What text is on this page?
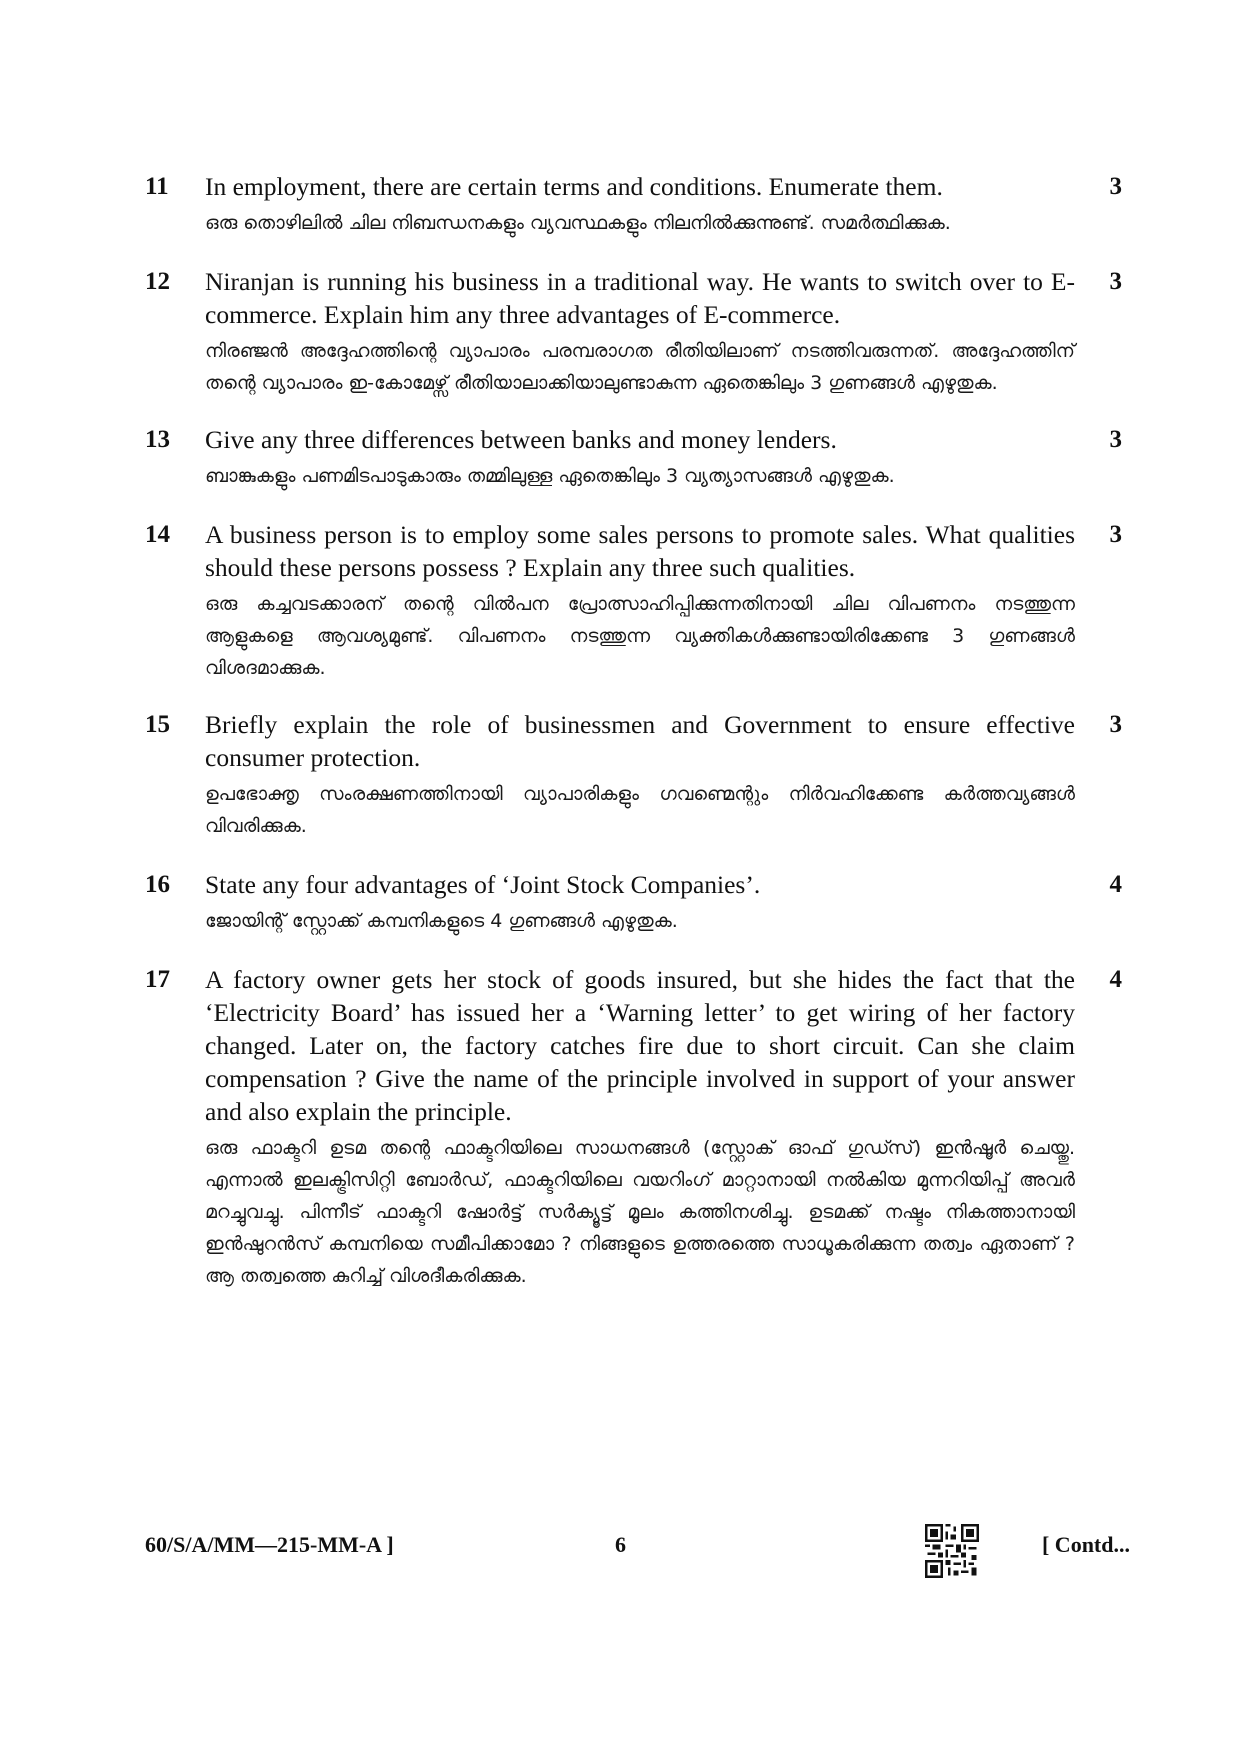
11	3
In employment, there are certain terms and conditions. Enumerate them.
ഒരു തൊഴിലിൽ ചില നിബന്ധനകളും വ്യവസ്ഥകളും നിലനിൽക്കുന്നുണ്ട്. സമർത്ഥിക്കുക.
12	3
Niranjan is running his business in a traditional way. He wants to switch over to E-commerce. Explain him any three advantages of E-commerce.
നിരഞ്ജൻ അദ്ദേഹത്തിന്റെ വ്യാപാരം പരമ്പരാഗത രീതിയിലാണ് നടത്തിവരുന്നത്. അദ്ദേഹത്തിന് തന്റെ വ്യാപാരം ഇ-കോമേഴ്സ് രീതിയാലാക്കിയാലുണ്ടാകുന്ന ഏതെങ്കിലും 3 ഗുണങ്ങൾ എഴുതുക.
13	3
Give any three differences between banks and money lenders.
ബാങ്കുകളും പണമിടപാടുകാരും തമ്മിലുള്ള ഏതെങ്കിലും 3 വ്യത്യാസങ്ങൾ എഴുതുക.
14	3
A business person is to employ some sales persons to promote sales. What qualities should these persons possess ? Explain any three such qualities.
ഒരു കച്ചവടക്കാരന് തന്റെ വിൽപന പ്രോത്സാഹിപ്പിക്കുന്നതിനായി ചില വിപണനം നടത്തുന്ന ആളുകളെ ആവശ്യമുണ്ട്. വിപണനം നടത്തുന്ന വ്യക്തികൾക്കുണ്ടായിരിക്കേണ്ട 3 ഗുണങ്ങൾ വിശദമാക്കുക.
15	3
Briefly explain the role of businessmen and Government to ensure effective consumer protection.
ഉപഭോക്തൃ സംരക്ഷണത്തിനായി വ്യാപാരികളും ഗവണ്മെന്റും നിർവഹിക്കേണ്ട കർത്തവ്യങ്ങൾ വിവരിക്കുക.
16	4
State any four advantages of ‘Joint Stock Companies’.
ജോയിന്റ് സ്റ്റോക്ക് കമ്പനികളുടെ 4 ഗുണങ്ങൾ എഴുതുക.
17	4
A factory owner gets her stock of goods insured, but she hides the fact that the ‘Electricity Board’ has issued her a ‘Warning letter’ to get wiring of her factory changed. Later on, the factory catches fire due to short circuit. Can she claim compensation ? Give the name of the principle involved in support of your answer and also explain the principle.
ഒരു ഫാക്ടറി ഉടമ തന്റെ ഫാക്ടറിയിലെ സാധനങ്ങൾ (സ്റ്റോക് ഓഫ് ഗുഡ്സ്) ഇൻഷൂർ ചെയ്തു. എന്നാൽ ഇലക്ട്രിസിറ്റി ബോർഡ്, ഫാക്ടറിയിലെ വയറിംഗ് മാറ്റാനായി നൽകിയ മുന്നറിയിപ്പ് അവർ മറച്ചുവച്ചു. പിന്നീട് ഫാക്ടറി ഷോർട്ട് സർക്യൂട്ട് മൂലം കത്തിനശിച്ചു. ഉടമക്ക് നഷ്ടം നികത്താനായി ഇൻഷുറൻസ് കമ്പനിയെ സമീപിക്കാമോ ? നിങ്ങളുടെ ഉത്തരത്തെ സാധൂകരിക്കുന്ന തത്വം ഏതാണ് ? ആ തത്വത്തെ കുറിച്ച് വിശദീകരിക്കുക.
60/S/A/MM—215-MM-A ]	6	[ Contd...
